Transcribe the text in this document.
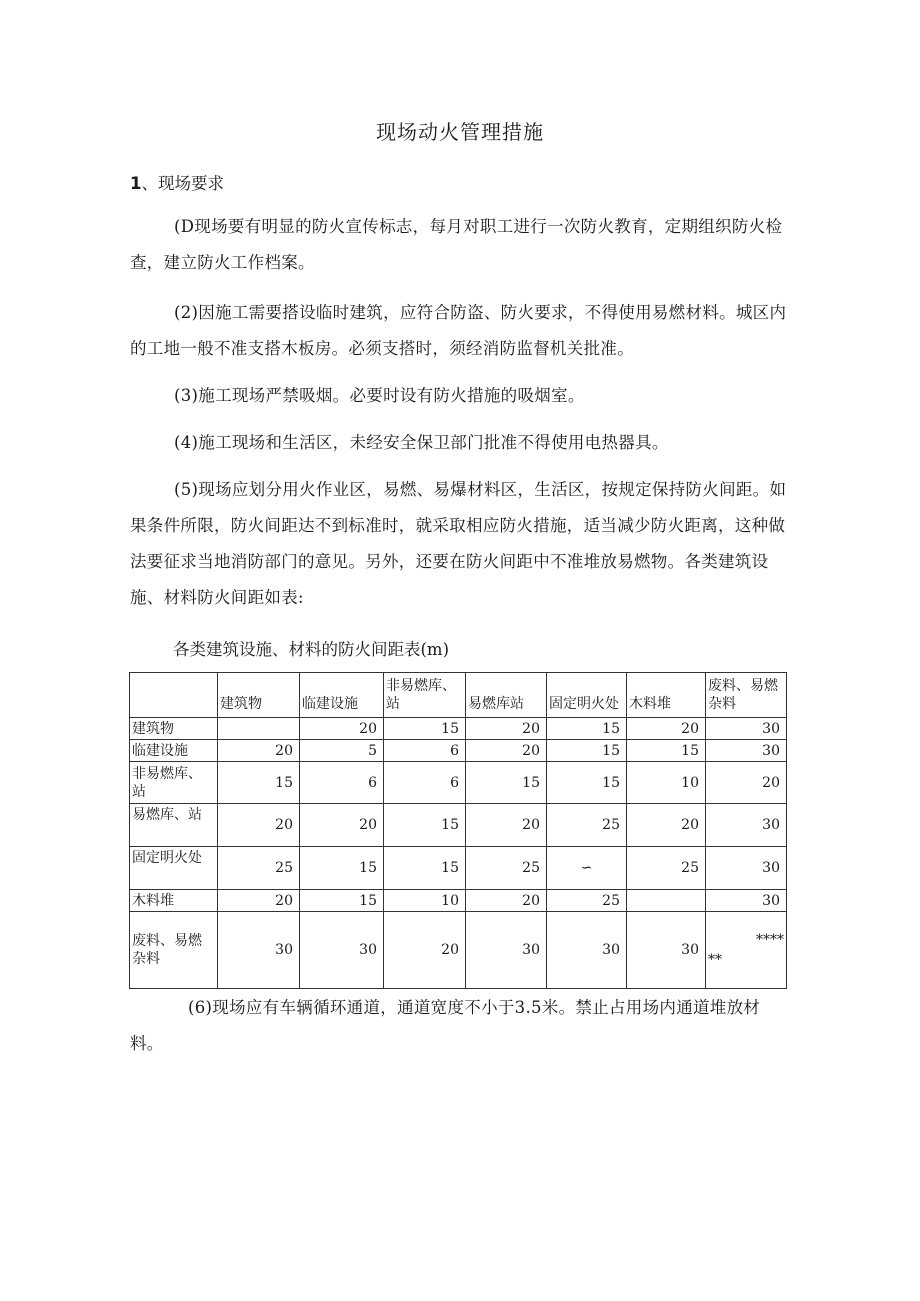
现场动火管理措施
1、现场要求
(D现场要有明显的防火宣传标志，每月对职工进行一次防火教育，定期组织防火检查，建立防火工作档案。
(2)因施工需要搭设临时建筑，应符合防盗、防火要求，不得使用易燃材料。城区内的工地一般不准支搭木板房。必须支搭时，须经消防监督机关批准。
(3)施工现场严禁吸烟。必要时设有防火措施的吸烟室。
(4)施工现场和生活区，未经安全保卫部门批准不得使用电热器具。
(5)现场应划分用火作业区，易燃、易爆材料区，生活区，按规定保持防火间距。如果条件所限，防火间距达不到标准时，就采取相应防火措施，适当减少防火距离，这种做法要征求当地消防部门的意见。另外，还要在防火间距中不准堆放易燃物。各类建筑设施、材料防火间距如表:
各类建筑设施、材料的防火间距表(m)
	建筑物	临建设施	非易燃库、站	易燃库站	固定明火处	木料堆	废料、易燃杂料
建筑物		20	15	20	15	20	30
临建设施	20	5	6	20	15	15	30
非易燃库、站	15	6	6	15	15	10	20
易燃库、站	20	20	15	20	25	20	30
固定明火处	25	15	15	25	∽	25	30
木料堆	20	15	10	20	25		30
废料、易燃杂料	30	30	20	30	30	30	****
**
(6)现场应有车辆循环通道，通道宽度不小于3.5米。禁止占用场内通道堆放材料。
